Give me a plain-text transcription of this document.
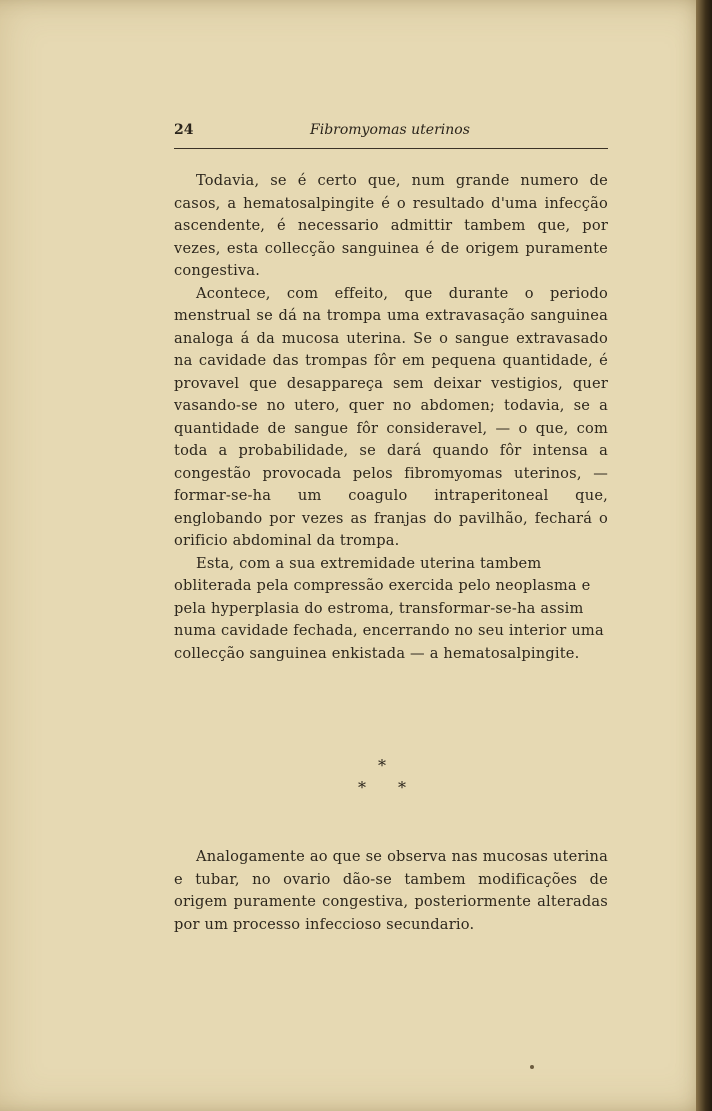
24	Fibromyomas uterinos

Todavia, se é certo que, num grande numero de casos, a hematosalpingite é o resultado d'uma infecção ascendente, é necessario admittir tambem que, por vezes, esta collecção sanguinea é de origem puramente congestiva.

Acontece, com effeito, que durante o periodo menstrual se dá na trompa uma extravasação sanguinea analoga á da mucosa uterina. Se o sangue extravasado na cavidade das trompas fôr em pequena quantidade, é provavel que desappareça sem deixar vestigios, quer vasando-se no utero, quer no abdomen; todavia, se a quantidade de sangue fôr consideravel, — o que, com toda a probabilidade, se dará quando fôr intensa a congestão provocada pelos fibromyomas uterinos, — formar-se-ha um coagulo intraperitoneal que, englobando por vezes as franjas do pavilhão, fechará o orificio abdominal da trompa.

Esta, com a sua extremidade uterina tambem obliterada pela compressão exercida pelo neoplasma e pela hyperplasia do estroma, transformar-se-ha assim numa cavidade fechada, encerrando no seu interior uma collecção sanguinea enkistada — a hematosalpingite.

*
* *

Analogamente ao que se observa nas mucosas uterina e tubar, no ovario dão-se tambem modificações de origem puramente congestiva, posteriormente alteradas por um processo infeccioso secundario.
